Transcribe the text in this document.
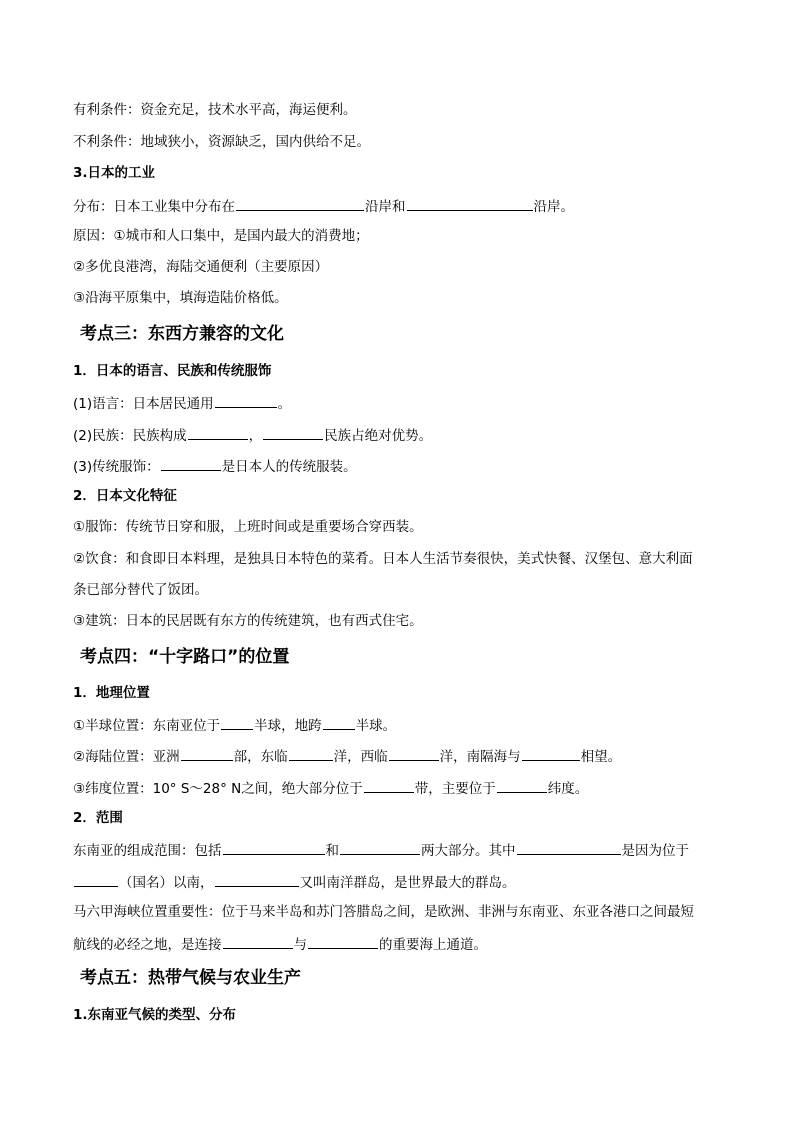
有利条件：资金充足，技术水平高，海运便利。
不利条件：地域狭小，资源缺乏，国内供给不足。
3.日本的工业
分布：日本工业集中分布在	沿岸和	沿岸。
原因：①城市和人口集中，是国内最大的消费地；
②多优良港湾，海陆交通便利（主要原因）
③沿海平原集中，填海造陆价格低。
考点三：东西方兼容的文化
1．日本的语言、民族和传统服饰
(1)语言：日本居民通用	。
(2)民族：民族构成	，	民族占绝对优势。
(3)传统服饰：	是日本人的传统服装。
2．日本文化特征
①服饰：传统节日穿和服，上班时间或是重要场合穿西装。
②饮食：和食即日本料理，是独具日本特色的菜肴。日本人生活节奏很快，美式快餐、汉堡包、意大利面
条已部分替代了饭团。
③建筑：日本的民居既有东方的传统建筑，也有西式住宅。
考点四：“十字路口”的位置
1．地理位置
①半球位置：东南亚位于	半球，地跨	半球。
②海陆位置：亚洲	部，东临	洋，西临	洋，南隔海与	相望。
③纬度位置：10° S～28° N之间，绝大部分位于	带，主要位于	纬度。
2．范围
东南亚的组成范围：包括	和	两大部分。其中	是因为位于
（国名）以南，	又叫南洋群岛，是世界最大的群岛。
马六甲海峡位置重要性：位于马来半岛和苏门答腊岛之间，是欧洲、非洲与东南亚、东亚各港口之间最短
航线的必经之地，是连接	与	的重要海上通道。
考点五：热带气候与农业生产
1.东南亚气候的类型、分布
